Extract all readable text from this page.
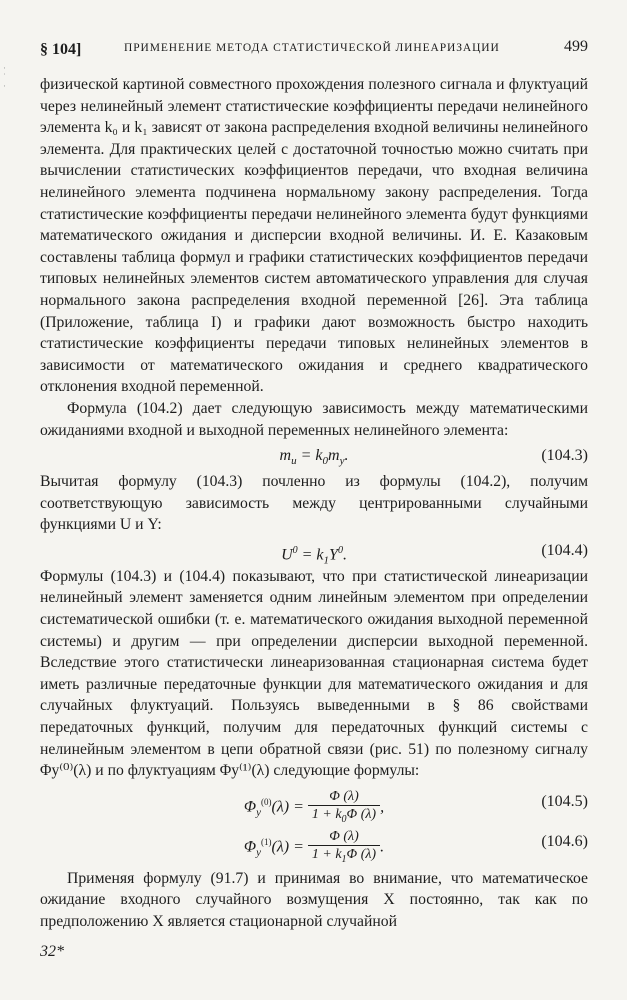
·
˙
·
§ 104]	ПРИМЕНЕНИЕ МЕТОДА СТАТИСТИЧЕСКОЙ ЛИНЕАРИЗАЦИИ	499

физической картиной совместного прохождения полезного сигнала и флуктуаций через нелинейный элемент статистические коэффициенты передачи нелинейного элемента k₀ и k₁ зависят от закона распределения входной величины нелинейного элемента. Для практических целей с достаточной точностью можно считать при вычислении статистических коэффициентов передачи, что входная величина нелинейного элемента подчинена нормальному закону распределения. Тогда статистические коэффициенты передачи нелинейного элемента будут функциями математического ожидания и дисперсии входной величины. И. Е. Казаковым составлены таблица формул и графики статистических коэффициентов передачи типовых нелинейных элементов систем автоматического управления для случая нормального закона распределения входной переменной [26]. Эта таблица (Приложение, таблица I) и графики дают возможность быстро находить статистические коэффициенты передачи типовых нелинейных элементов в зависимости от математического ожидания и среднего квадратического отклонения входной переменной.

Формула (104.2) дает следующую зависимость между математическими ожиданиями входной и выходной переменных нелинейного элемента:

$m_u = k_0m_y$.	(104.3)

Вычитая формулу (104.3) почленно из формулы (104.2), получим соответствующую зависимость между центрированными случайными функциями U и Y:

$U^0 = k_1Y^0$.	(104.4)

Формулы (104.3) и (104.4) показывают, что при статистической линеаризации нелинейный элемент заменяется одним линейным элементом при определении систематической ошибки (т. е. математического ожидания выходной переменной системы) и другим — при определении дисперсии выходной переменной. Вследствие этого статистически линеаризованная стационарная система будет иметь различные передаточные функции для математического ожидания и для случайных флуктуаций. Пользуясь выведенными в § 86 свойствами передаточных функций, получим для передаточных функций системы с нелинейным элементом в цепи обратной связи (рис. 51) по полезному сигналу Φy⁽⁰⁾(λ) и по флуктуациям Φy⁽¹⁾(λ) следующие формулы:

$\Phi_y^{(0)}(\lambda) = \frac{\Phi (\lambda)}{1 + k_0\Phi (\lambda)}$ ,	(104.5)
$\Phi_y^{(1)}(\lambda) = \frac{\Phi (\lambda)}{1 + k_1\Phi (\lambda)}$ .	(104.6)

Применяя формулу (91.7) и принимая во внимание, что математическое ожидание входного случайного возмущения X постоянно, так как по предположению X является стационарной случайной

32*
